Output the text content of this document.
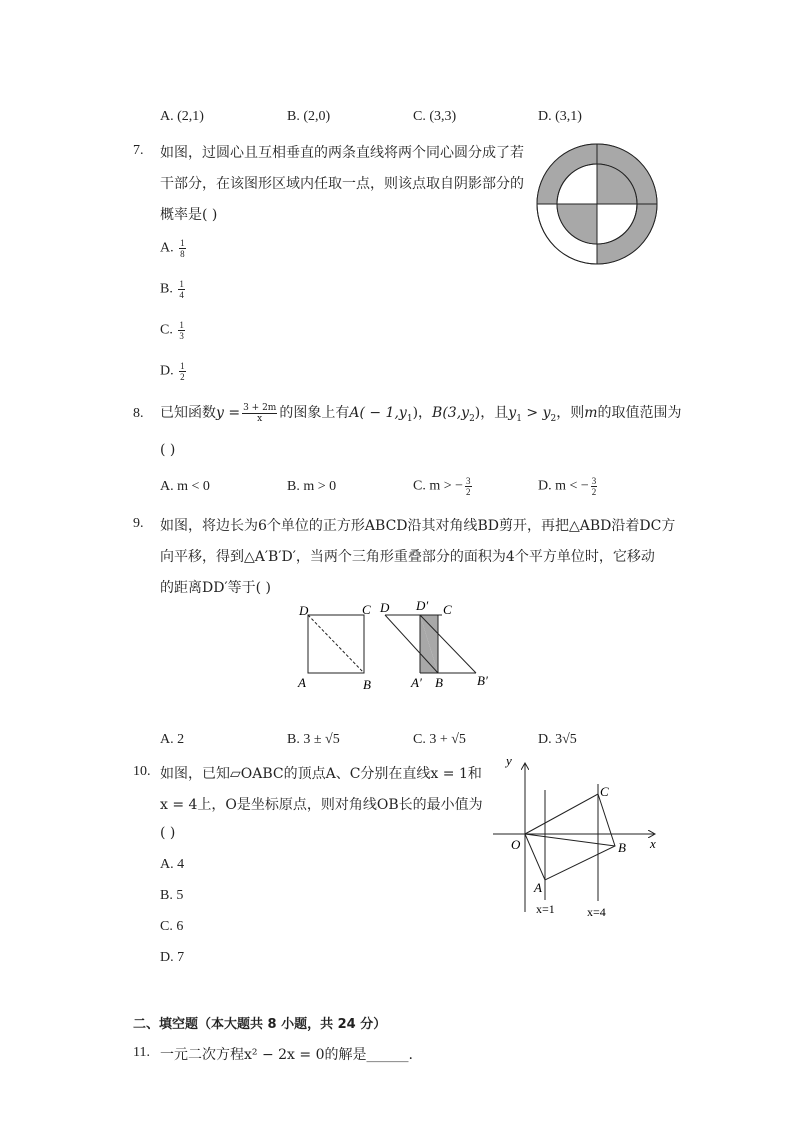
A. (2,1)	B. (2,0)	C. (3,3)	D. (3,1)
7. 如图，过圆心且互相垂直的两条直线将两个同心圆分成了若
干部分，在该图形区域内任取一点，则该点取自阴影部分的
概率是( )
A. $\frac{1}{8}$
B. $\frac{1}{4}$
C. $\frac{1}{3}$
D. $\frac{1}{2}$
8. 已知函数$y = \frac{3 + 2m}{x}$ 的图象上有$A( - 1,y_1)$，$B(3,y_2)$，且$y_1 > y_2$，则m的取值范围为
( )
A. m < 0	B. m > 0	C. m > − $\frac{3}{2}$	D. m < − $\frac{3}{2}$
9. 如图，将边长为6个单位的正方形ABCD沿其对角线BD剪开，再把△ABD沿着DC方
向平移，得到△A′B′D′，当两个三角形重叠部分的面积为4个平方单位时，它移动
的距离DD′等于( )
D	C
A	B
D D′ C
A′ B	B′
A. 2	B. 3 ± √5	C. 3 + √5	D. 3√5
10. 如图，已知▱OABC的顶点A、C分别在直线x = 1和
x = 4上，O是坐标原点，则对角线OB长的最小值为
( )
A. 4
B. 5
C. 6
D. 7
y
x
O
A
B
C
x=1	x=4
二、填空题（本大题共 8 小题，共 24 分）
11. 一元二次方程x² − 2x = 0的解是______.
